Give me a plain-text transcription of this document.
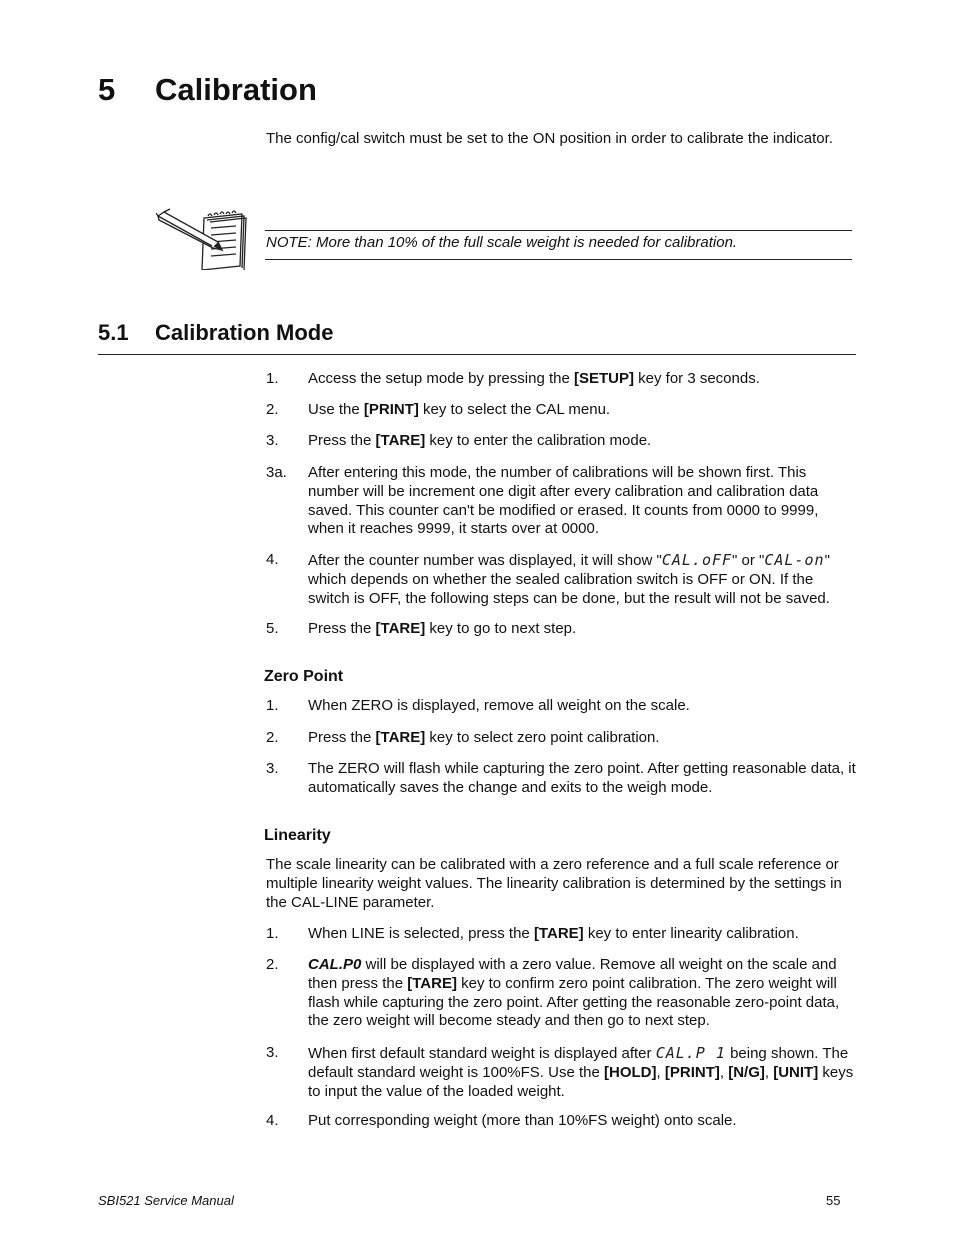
5 Calibration
The config/cal switch must be set to the ON position in order to calibrate the indicator.
NOTE: More than 10% of the full scale weight is needed for calibration.
5.1 Calibration Mode
1. Access the setup mode by pressing the [SETUP] key for 3 seconds.
2. Use the [PRINT] key to select the CAL menu.
3. Press the [TARE] key to enter the calibration mode.
3a. After entering this mode, the number of calibrations will be shown first. This number will be increment one digit after every calibration and calibration data saved. This counter can't be modified or erased. It counts from 0000 to 9999, when it reaches 9999, it starts over at 0000.
4. After the counter number was displayed, it will show "CAL.oFF" or "CAL-on" which depends on whether the sealed calibration switch is OFF or ON. If the switch is OFF, the following steps can be done, but the result will not be saved.
5. Press the [TARE] key to go to next step.
Zero Point
1. When ZERO is displayed, remove all weight on the scale.
2. Press the [TARE] key to select zero point calibration.
3. The ZERO will flash while capturing the zero point. After getting reasonable data, it automatically saves the change and exits to the weigh mode.
Linearity
The scale linearity can be calibrated with a zero reference and a full scale reference or multiple linearity weight values. The linearity calibration is determined by the settings in the CAL-LINE parameter.
1. When LINE is selected, press the [TARE] key to enter linearity calibration.
2. CAL.P0 will be displayed with a zero value. Remove all weight on the scale and then press the [TARE] key to confirm zero point calibration. The zero weight will flash while capturing the zero point. After getting the reasonable zero-point data, the zero weight will become steady and then go to next step.
3. When first default standard weight is displayed after CAL.P 1 being shown. The default standard weight is 100%FS. Use the [HOLD], [PRINT], [N/G], [UNIT] keys to input the value of the loaded weight.
4. Put corresponding weight (more than 10%FS weight) onto scale.
SBI521 Service Manual	55
